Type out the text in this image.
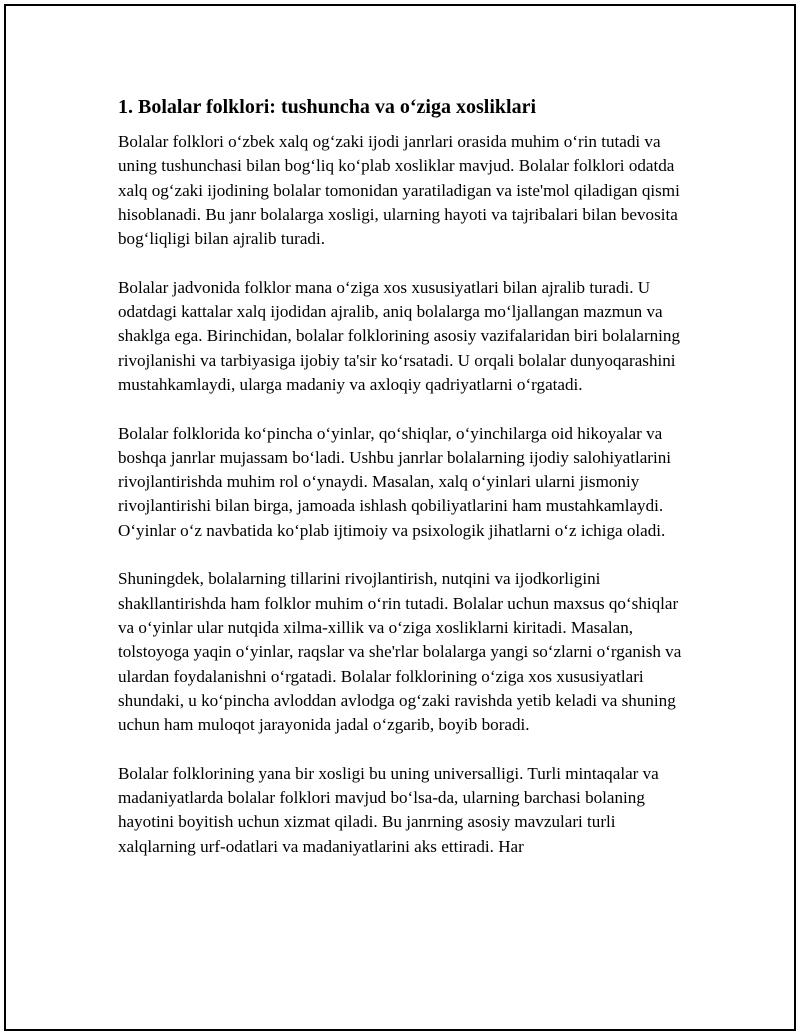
1. Bolalar folklori: tushuncha va o‘ziga xosliklari

Bolalar folklori o‘zbek xalq og‘zaki ijodi janrlari orasida muhim o‘rin tutadi va uning tushunchasi bilan bog‘liq ko‘plab xosliklar mavjud. Bolalar folklori odatda xalq og‘zaki ijodining bolalar tomonidan yaratiladigan va iste'mol qiladigan qismi hisoblanadi. Bu janr bolalarga xosligi, ularning hayoti va tajribalari bilan bevosita bog‘liqligi bilan ajralib turadi.

Bolalar jadvonida folklor mana o‘ziga xos xususiyatlari bilan ajralib turadi. U odatdagi kattalar xalq ijodidan ajralib, aniq bolalarga mo‘ljallangan mazmun va shaklga ega. Birinchidan, bolalar folklorining asosiy vazifalaridan biri bolalarning rivojlanishi va tarbiyasiga ijobiy ta'sir ko‘rsatadi. U orqali bolalar dunyoqarashini mustahkamlaydi, ularga madaniy va axloqiy qadriyatlarni o‘rgatadi.

Bolalar folklorida ko‘pincha o‘yinlar, qo‘shiqlar, o‘yinchilarga oid hikoyalar va boshqa janrlar mujassam bo‘ladi. Ushbu janrlar bolalarning ijodiy salohiyatlarini rivojlantirishda muhim rol o‘ynaydi. Masalan, xalq o‘yinlari ularni jismoniy rivojlantirishi bilan birga, jamoada ishlash qobiliyatlarini ham mustahkamlaydi. O‘yinlar o‘z navbatida ko‘plab ijtimoiy va psixologik jihatlarni o‘z ichiga oladi.

Shuningdek, bolalarning tillarini rivojlantirish, nutqini va ijodkorligini shakllantirishda ham folklor muhim o‘rin tutadi. Bolalar uchun maxsus qo‘shiqlar va o‘yinlar ular nutqida xilma-xillik va o‘ziga xosliklarni kiritadi. Masalan, tolstoyoga yaqin o‘yinlar, raqslar va she'rlar bolalarga yangi so‘zlarni o‘rganish va ulardan foydalanishni o‘rgatadi. Bolalar folklorining o‘ziga xos xususiyatlari shundaki, u ko‘pincha avloddan avlodga og‘zaki ravishda yetib keladi va shuning uchun ham muloqot jarayonida jadal o‘zgarib, boyib boradi.

Bolalar folklorining yana bir xosligi bu uning universalligi. Turli mintaqalar va madaniyatlarda bolalar folklori mavjud bo‘lsa-da, ularning barchasi bolaning hayotini boyitish uchun xizmat qiladi. Bu janrning asosiy mavzulari turli xalqlarning urf-odatlari va madaniyatlarini aks ettiradi. Har
